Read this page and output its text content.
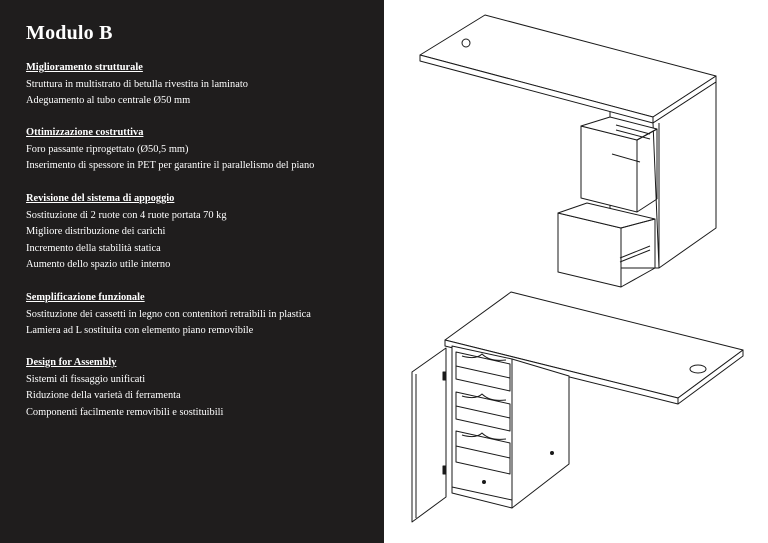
Modulo B
Miglioramento strutturale
Struttura in multistrato di betulla rivestita in laminato
Adeguamento al tubo centrale Ø50 mm
Ottimizzazione costruttiva
Foro passante riprogettato (Ø50,5 mm)
Inserimento di spessore in PET per garantire il parallelismo del piano
Revisione del sistema di appoggio
Sostituzione di 2 ruote con 4 ruote portata 70 kg
Migliore distribuzione dei carichi
Incremento della stabilità statica
Aumento dello spazio utile interno
Semplificazione funzionale
Sostituzione dei cassetti in legno con contenitori retraibili in plastica
Lamiera ad L sostituita con elemento piano removibile
Design for Assembly
Sistemi di fissaggio unificati
Riduzione della varietà di ferramenta
Componenti facilmente removibili e sostituibili
